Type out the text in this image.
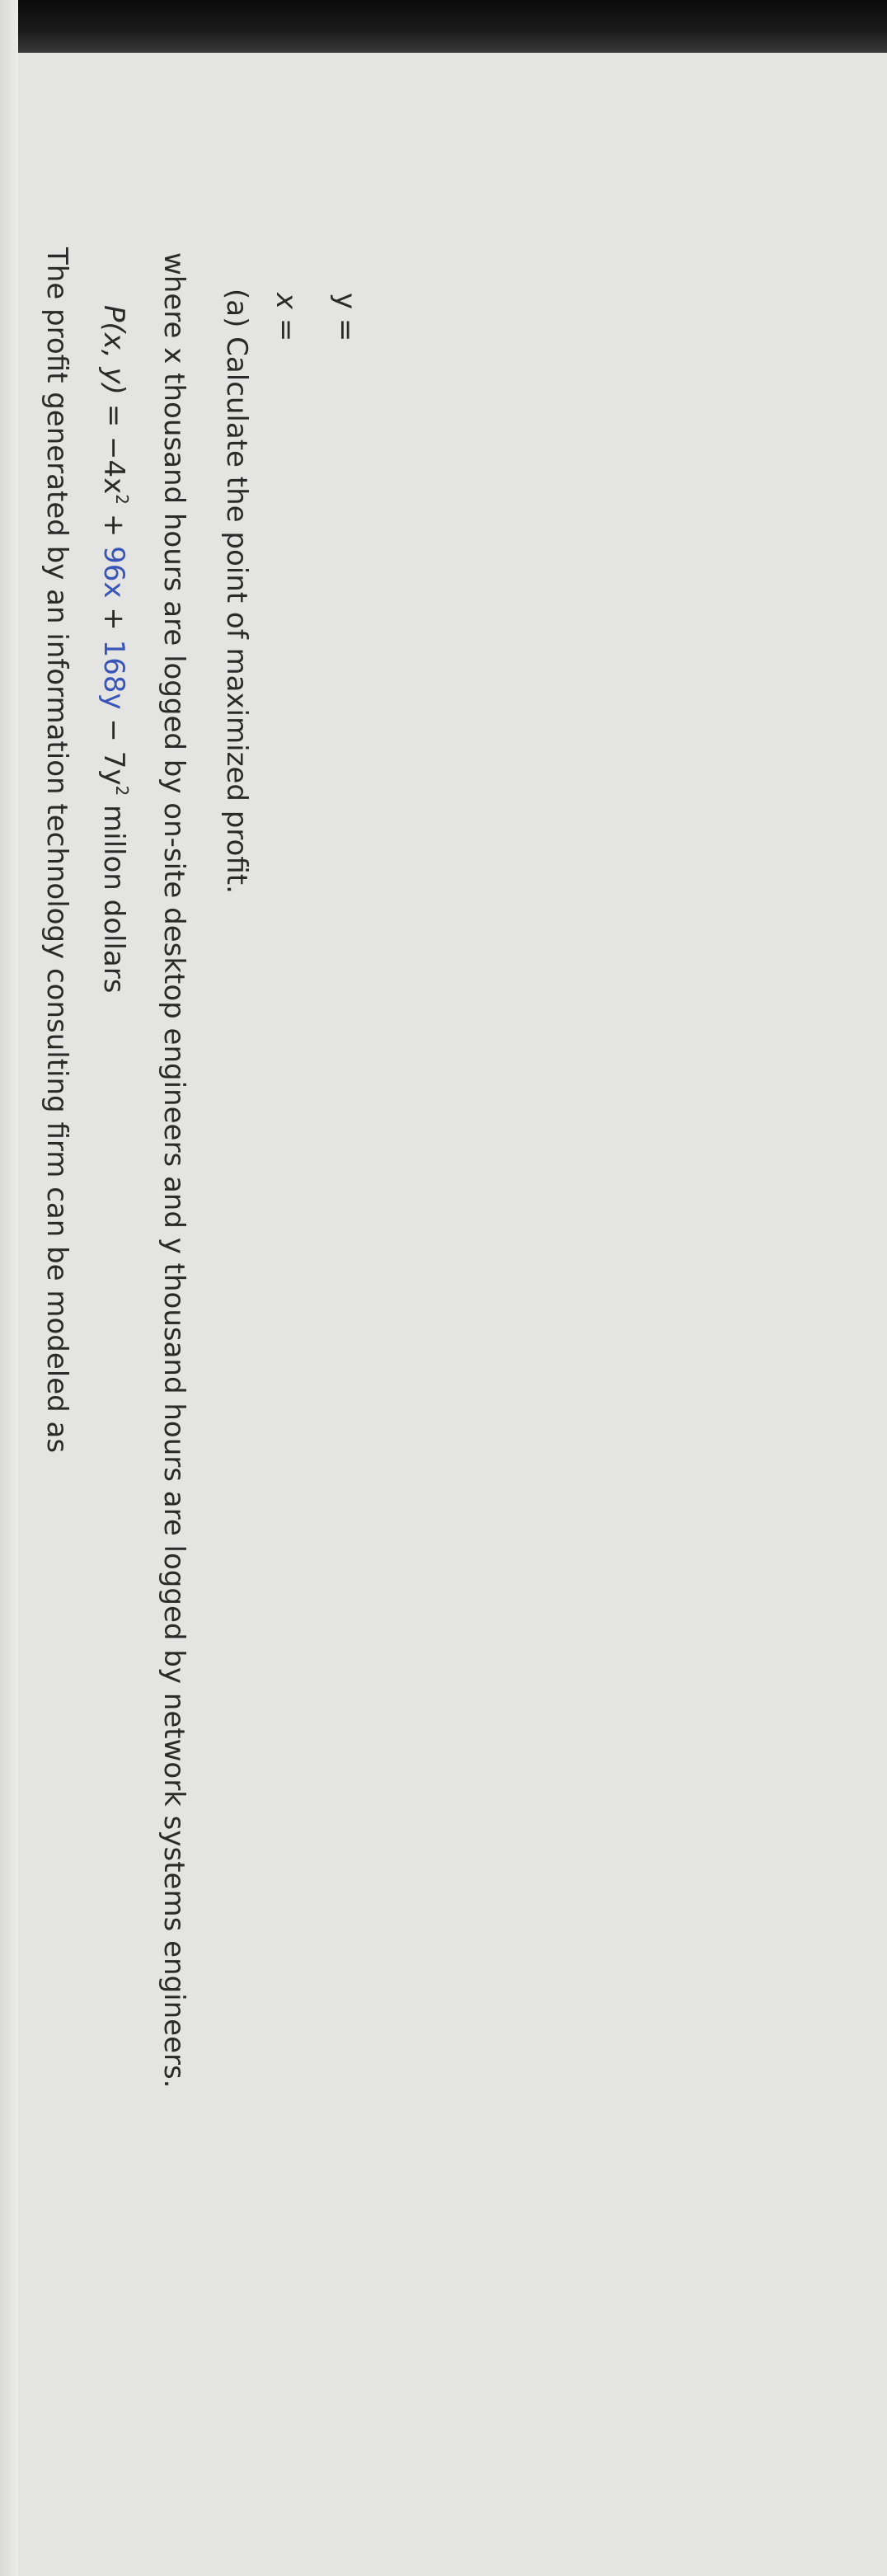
The profit generated by an information technology consulting firm can be modeled as P(x, $y) = -4x^2 + 96x + 168y - 7y^2$ millon dollars where x thousand hours are logged by on-site desktop engineers and y thousand hours are logged by network systems engineers. (a) Calculate the point of maximized profit. x = y =
